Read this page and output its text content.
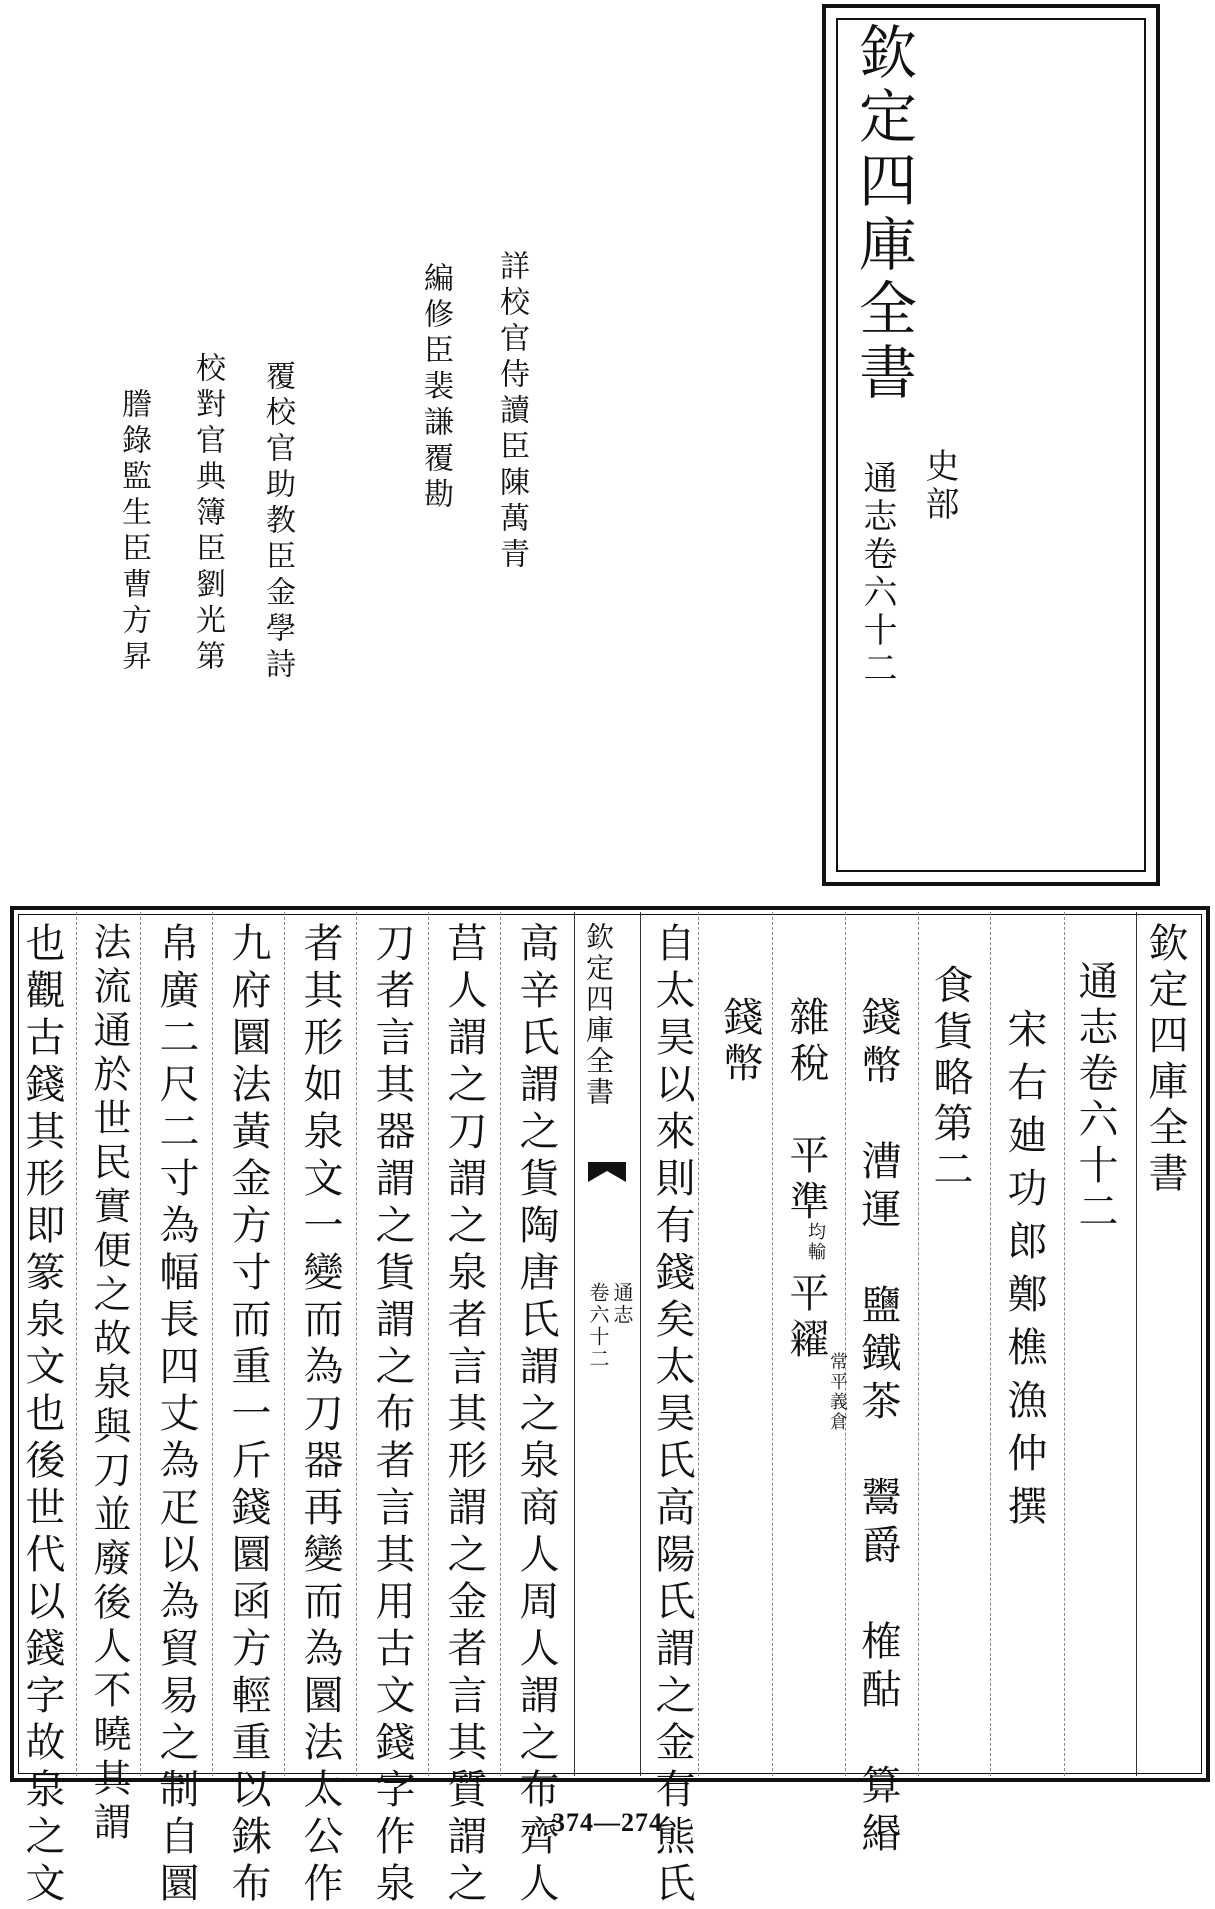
欽定四庫全書
史部
通志卷六十二
詳校官侍讀臣陳萬青
編修臣裴謙覆勘
覆校官助教臣金學詩
校對官典簿臣劉光第
謄錄監生臣曹方昇
欽定四庫全書
通志卷六十二
宋右廸功郎鄭樵漁仲撰
食貨略第二
錢幣　漕運　鹽鐵茶　鬻爵　榷酤　算緡
雜稅　平準
均輸
平糴
常平義倉
錢幣
欽定四庫全書
通志
卷六十二 自太昊以來則有錢矣太昊氏高陽氏謂之金有熊氏
高辛氏謂之貨陶唐氏謂之泉商人周人謂之布齊人
莒人謂之刀謂之泉者言其形謂之金者言其質謂之
刀者言其器謂之貨謂之布者言其用古文錢字作泉
者其形如泉文一變而為刀器再變而為圜法太公作
九府圜法黃金方寸而重一斤錢圜函方輕重以銖布
帛廣二尺二寸為幅長四丈為疋以為貿易之制自圜
法流通於世民實便之故泉與刀並廢後人不曉其謂	374—274
也觀古錢其形即篆泉文也後世代以錢字故泉之文
